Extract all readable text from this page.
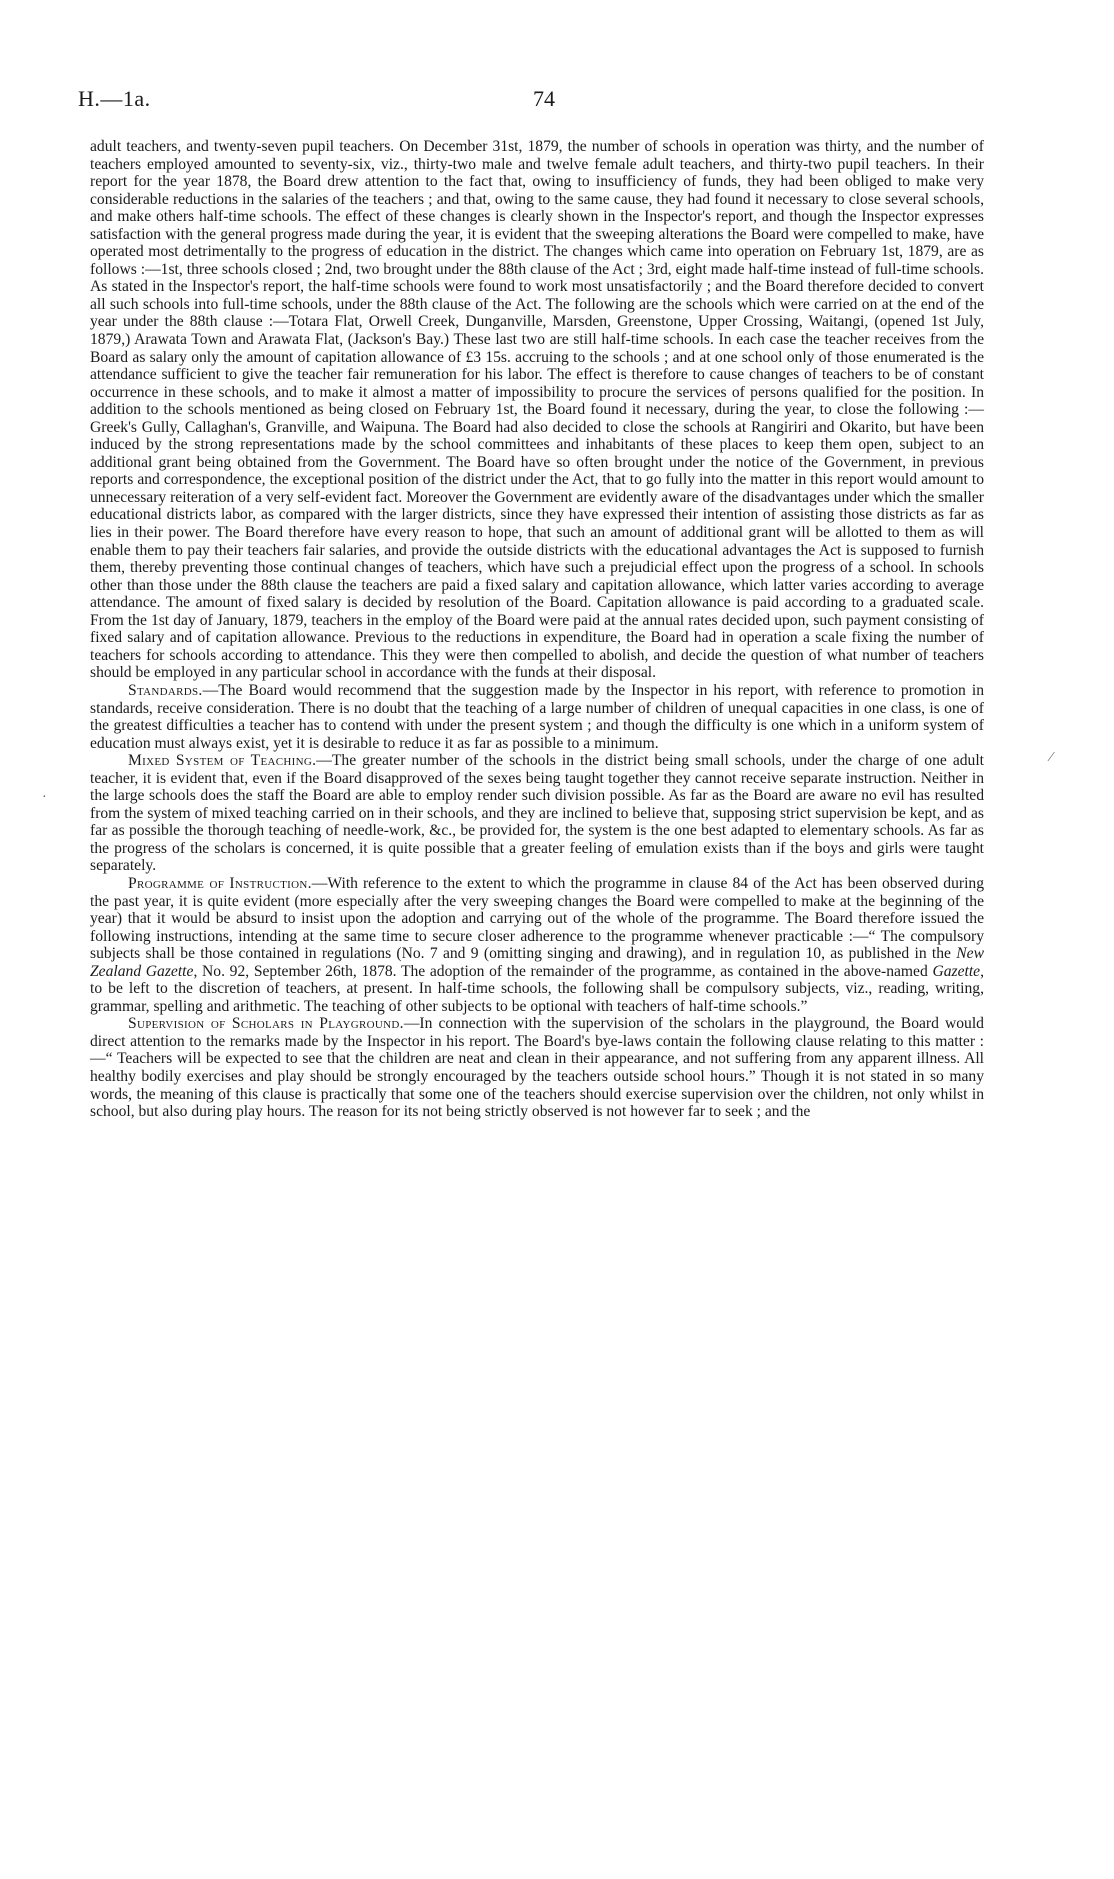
H.—1a.	74

adult teachers, and twenty-seven pupil teachers. On December 31st, 1879, the number of schools in operation was thirty, and the number of teachers employed amounted to seventy-six, viz., thirty-two male and twelve female adult teachers, and thirty-two pupil teachers. In their report for the year 1878, the Board drew attention to the fact that, owing to insufficiency of funds, they had been obliged to make very considerable reductions in the salaries of the teachers ; and that, owing to the same cause, they had found it necessary to close several schools, and make others half-time schools. The effect of these changes is clearly shown in the Inspector's report, and though the Inspector expresses satisfaction with the general progress made during the year, it is evident that the sweeping alterations the Board were compelled to make, have operated most detrimentally to the progress of education in the district. The changes which came into operation on February 1st, 1879, are as follows :—1st, three schools closed ; 2nd, two brought under the 88th clause of the Act ; 3rd, eight made half-time instead of full-time schools. As stated in the Inspector's report, the half-time schools were found to work most unsatisfactorily ; and the Board therefore decided to convert all such schools into full-time schools, under the 88th clause of the Act. The following are the schools which were carried on at the end of the year under the 88th clause :—Totara Flat, Orwell Creek, Dunganville, Marsden, Greenstone, Upper Crossing, Waitangi, (opened 1st July, 1879,) Arawata Town and Arawata Flat, (Jackson's Bay.) These last two are still half-time schools. In each case the teacher receives from the Board as salary only the amount of capitation allowance of £3 15s. accruing to the schools ; and at one school only of those enumerated is the attendance sufficient to give the teacher fair remuneration for his labor. The effect is therefore to cause changes of teachers to be of constant occurrence in these schools, and to make it almost a matter of impossibility to procure the services of persons qualified for the position. In addition to the schools mentioned as being closed on February 1st, the Board found it necessary, during the year, to close the following :—Greek's Gully, Callaghan's, Granville, and Waipuna. The Board had also decided to close the schools at Rangiriri and Okarito, but have been induced by the strong representations made by the school committees and inhabitants of these places to keep them open, subject to an additional grant being obtained from the Government. The Board have so often brought under the notice of the Government, in previous reports and correspondence, the exceptional position of the district under the Act, that to go fully into the matter in this report would amount to unnecessary reiteration of a very self-evident fact. Moreover the Government are evidently aware of the disadvantages under which the smaller educational districts labor, as compared with the larger districts, since they have expressed their intention of assisting those districts as far as lies in their power. The Board therefore have every reason to hope, that such an amount of additional grant will be allotted to them as will enable them to pay their teachers fair salaries, and provide the outside districts with the educational advantages the Act is supposed to furnish them, thereby preventing those continual changes of teachers, which have such a prejudicial effect upon the progress of a school. In schools other than those under the 88th clause the teachers are paid a fixed salary and capitation allowance, which latter varies according to average attendance. The amount of fixed salary is decided by resolution of the Board. Capitation allowance is paid according to a graduated scale. From the 1st day of January, 1879, teachers in the employ of the Board were paid at the annual rates decided upon, such payment consisting of fixed salary and of capitation allowance. Previous to the reductions in expenditure, the Board had in operation a scale fixing the number of teachers for schools according to attendance. This they were then compelled to abolish, and decide the question of what number of teachers should be employed in any particular school in accordance with the funds at their disposal.

Standards.—The Board would recommend that the suggestion made by the Inspector in his report, with reference to promotion in standards, receive consideration. There is no doubt that the teaching of a large number of children of unequal capacities in one class, is one of the greatest difficulties a teacher has to contend with under the present system ; and though the difficulty is one which in a uniform system of education must always exist, yet it is desirable to reduce it as far as possible to a minimum.

Mixed System of Teaching.—The greater number of the schools in the district being small schools, under the charge of one adult teacher, it is evident that, even if the Board disapproved of the sexes being taught together they cannot receive separate instruction. Neither in the large schools does the staff the Board are able to employ render such division possible. As far as the Board are aware no evil has resulted from the system of mixed teaching carried on in their schools, and they are inclined to believe that, supposing strict supervision be kept, and as far as possible the thorough teaching of needle-work, &c., be provided for, the system is the one best adapted to elementary schools. As far as the progress of the scholars is concerned, it is quite possible that a greater feeling of emulation exists than if the boys and girls were taught separately.

Programme of Instruction.—With reference to the extent to which the programme in clause 84 of the Act has been observed during the past year, it is quite evident (more especially after the very sweeping changes the Board were compelled to make at the beginning of the year) that it would be absurd to insist upon the adoption and carrying out of the whole of the programme. The Board therefore issued the following instructions, intending at the same time to secure closer adherence to the programme whenever practicable :—“ The compulsory subjects shall be those contained in regulations (No. 7 and 9 (omitting singing and drawing), and in regulation 10, as published in the New Zealand Gazette, No. 92, September 26th, 1878. The adoption of the remainder of the programme, as contained in the above-named Gazette, to be left to the discretion of teachers, at present. In half-time schools, the following shall be compulsory subjects, viz., reading, writing, grammar, spelling and arithmetic. The teaching of other subjects to be optional with teachers of half-time schools.”

Supervision of Scholars in Playground.—In connection with the supervision of the scholars in the playground, the Board would direct attention to the remarks made by the Inspector in his report. The Board's bye-laws contain the following clause relating to this matter :—“ Teachers will be expected to see that the children are neat and clean in their appearance, and not suffering from any apparent illness. All healthy bodily exercises and play should be strongly encouraged by the teachers outside school hours.” Though it is not stated in so many words, the meaning of this clause is practically that some one of the teachers should exercise supervision over the children, not only whilst in school, but also during play hours. The reason for its not being strictly observed is not however far to seek ; and the

⁄
·
